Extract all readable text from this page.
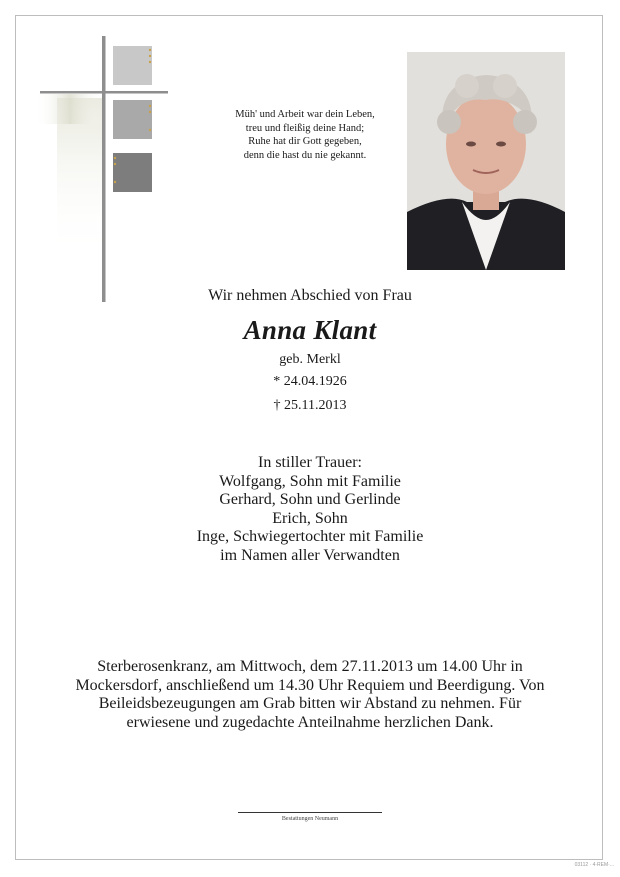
Müh' und Arbeit war dein Leben,
treu und fleißig deine Hand;
Ruhe hat dir Gott gegeben,
denn die hast du nie gekannt.
Wir nehmen Abschied von Frau
Anna Klant
geb. Merkl
* 24.04.1926
† 25.11.2013
In stiller Trauer:
Wolfgang, Sohn mit Familie
Gerhard, Sohn und Gerlinde
Erich, Sohn
Inge, Schwiegertochter mit Familie
im Namen aller Verwandten
Sterberosenkranz, am Mittwoch, dem 27.11.2013 um 14.00 Uhr in
Mockersdorf, anschließend um 14.30 Uhr Requiem und Beerdigung. Von
Beileidsbezeugungen am Grab bitten wir Abstand zu nehmen. Für
erwiesene und zugedachte Anteilnahme herzlichen Dank.
Bestattungen Neumann
03112 · 4·REM·...
